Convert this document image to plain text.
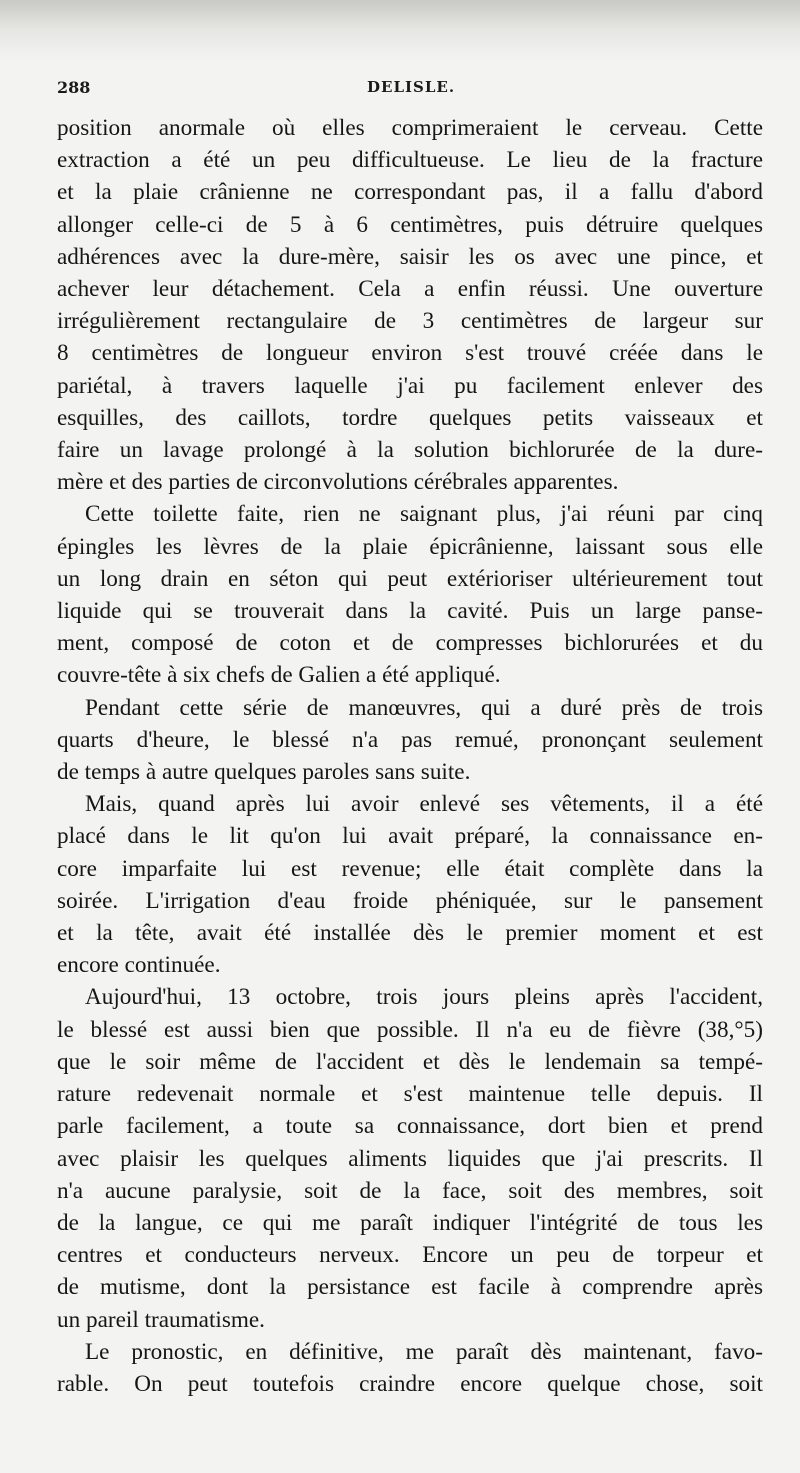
288	DELISLE.
position anormale où elles comprimeraient le cerveau. Cette
extraction a été un peu difficultueuse. Le lieu de la fracture
et la plaie crânienne ne correspondant pas, il a fallu d'abord
allonger celle-ci de 5 à 6 centimètres, puis détruire quelques
adhérences avec la dure-mère, saisir les os avec une pince, et
achever leur détachement. Cela a enfin réussi. Une ouverture
irrégulièrement rectangulaire de 3 centimètres de largeur sur
8 centimètres de longueur environ s'est trouvé créée dans le
pariétal, à travers laquelle j'ai pu facilement enlever des
esquilles, des caillots, tordre quelques petits vaisseaux et
faire un lavage prolongé à la solution bichlorurée de la dure-
mère et des parties de circonvolutions cérébrales apparentes.
Cette toilette faite, rien ne saignant plus, j'ai réuni par cinq
épingles les lèvres de la plaie épicrânienne, laissant sous elle
un long drain en séton qui peut extérioriser ultérieurement tout
liquide qui se trouverait dans la cavité. Puis un large panse-
ment, composé de coton et de compresses bichlorurées et du
couvre-tête à six chefs de Galien a été appliqué.
Pendant cette série de manœuvres, qui a duré près de trois
quarts d'heure, le blessé n'a pas remué, prononçant seulement
de temps à autre quelques paroles sans suite.
Mais, quand après lui avoir enlevé ses vêtements, il a été
placé dans le lit qu'on lui avait préparé, la connaissance en-
core imparfaite lui est revenue; elle était complète dans la
soirée. L'irrigation d'eau froide phéniquée, sur le pansement
et la tête, avait été installée dès le premier moment et est
encore continuée.
Aujourd'hui, 13 octobre, trois jours pleins après l'accident,
le blessé est aussi bien que possible. Il n'a eu de fièvre (38,°5)
que le soir même de l'accident et dès le lendemain sa tempé-
rature redevenait normale et s'est maintenue telle depuis. Il
parle facilement, a toute sa connaissance, dort bien et prend
avec plaisir les quelques aliments liquides que j'ai prescrits. Il
n'a aucune paralysie, soit de la face, soit des membres, soit
de la langue, ce qui me paraît indiquer l'intégrité de tous les
centres et conducteurs nerveux. Encore un peu de torpeur et
de mutisme, dont la persistance est facile à comprendre après
un pareil traumatisme.
Le pronostic, en définitive, me paraît dès maintenant, favo-
rable. On peut toutefois craindre encore quelque chose, soit
